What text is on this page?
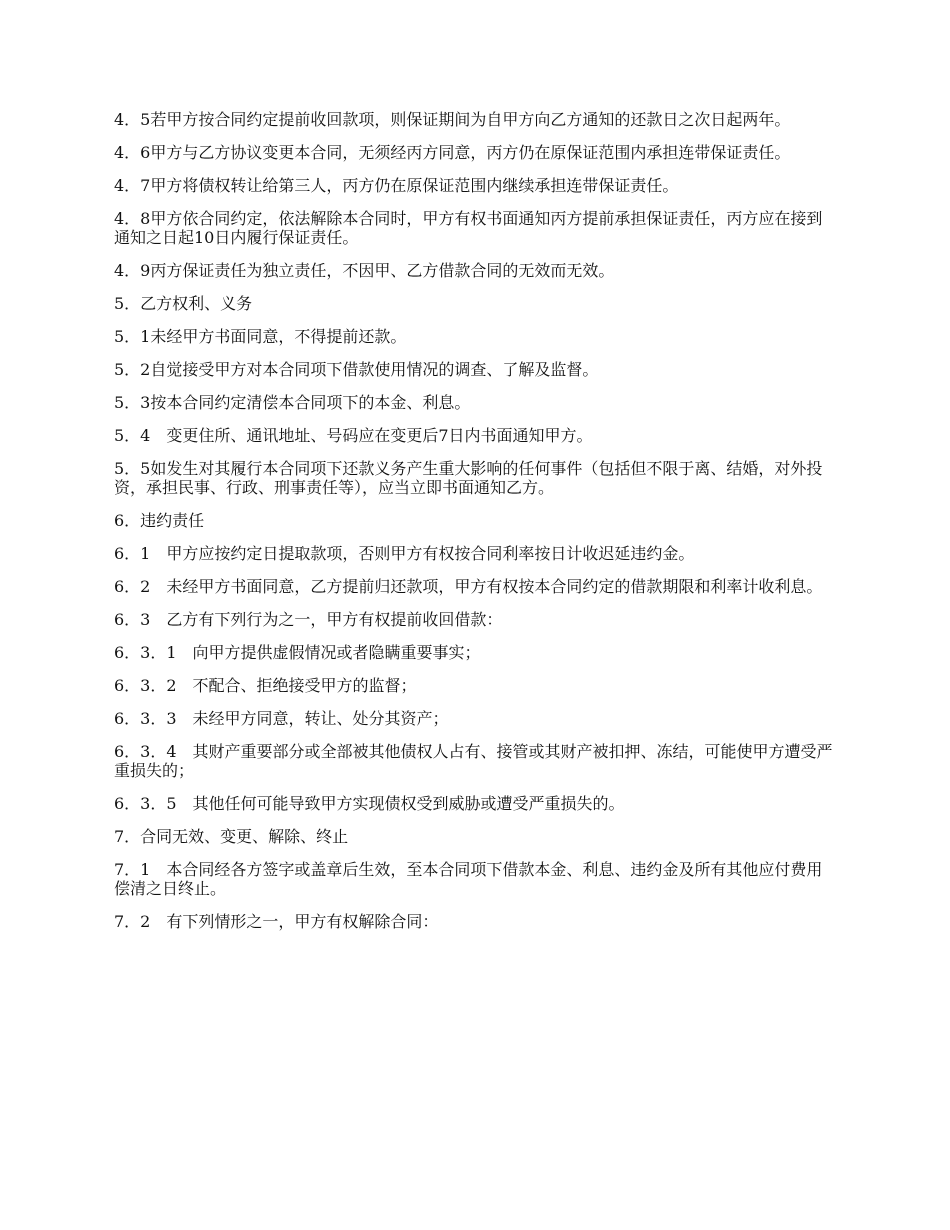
4．5若甲方按合同约定提前收回款项，则保证期间为自甲方向乙方通知的还款日之次日起两年。

4．6甲方与乙方协议变更本合同，无须经丙方同意，丙方仍在原保证范围内承担连带保证责任。

4．7甲方将债权转让给第三人，丙方仍在原保证范围内继续承担连带保证责任。

4．8甲方依合同约定，依法解除本合同时，甲方有权书面通知丙方提前承担保证责任，丙方应在接到通知之日起10日内履行保证责任。

4．9丙方保证责任为独立责任，不因甲、乙方借款合同的无效而无效。

5．乙方权利、义务

5．1未经甲方书面同意，不得提前还款。

5．2自觉接受甲方对本合同项下借款使用情况的调查、了解及监督。

5．3按本合同约定清偿本合同项下的本金、利息。

5．4　变更住所、通讯地址、号码应在变更后7日内书面通知甲方。

5．5如发生对其履行本合同项下还款义务产生重大影响的任何事件（包括但不限于离、结婚，对外投资，承担民事、行政、刑事责任等），应当立即书面通知乙方。

6．违约责任

6．1　甲方应按约定日提取款项，否则甲方有权按合同利率按日计收迟延违约金。

6．2　未经甲方书面同意，乙方提前归还款项，甲方有权按本合同约定的借款期限和利率计收利息。

6．3　乙方有下列行为之一，甲方有权提前收回借款：

6．3．1　向甲方提供虚假情况或者隐瞒重要事实；

6．3．2　不配合、拒绝接受甲方的监督；

6．3．3　未经甲方同意，转让、处分其资产；

6．3．4　其财产重要部分或全部被其他债权人占有、接管或其财产被扣押、冻结，可能使甲方遭受严重损失的；

6．3．5　其他任何可能导致甲方实现债权受到威胁或遭受严重损失的。

7．合同无效、变更、解除、终止

7．1　本合同经各方签字或盖章后生效，至本合同项下借款本金、利息、违约金及所有其他应付费用偿清之日终止。

7．2　有下列情形之一，甲方有权解除合同：
